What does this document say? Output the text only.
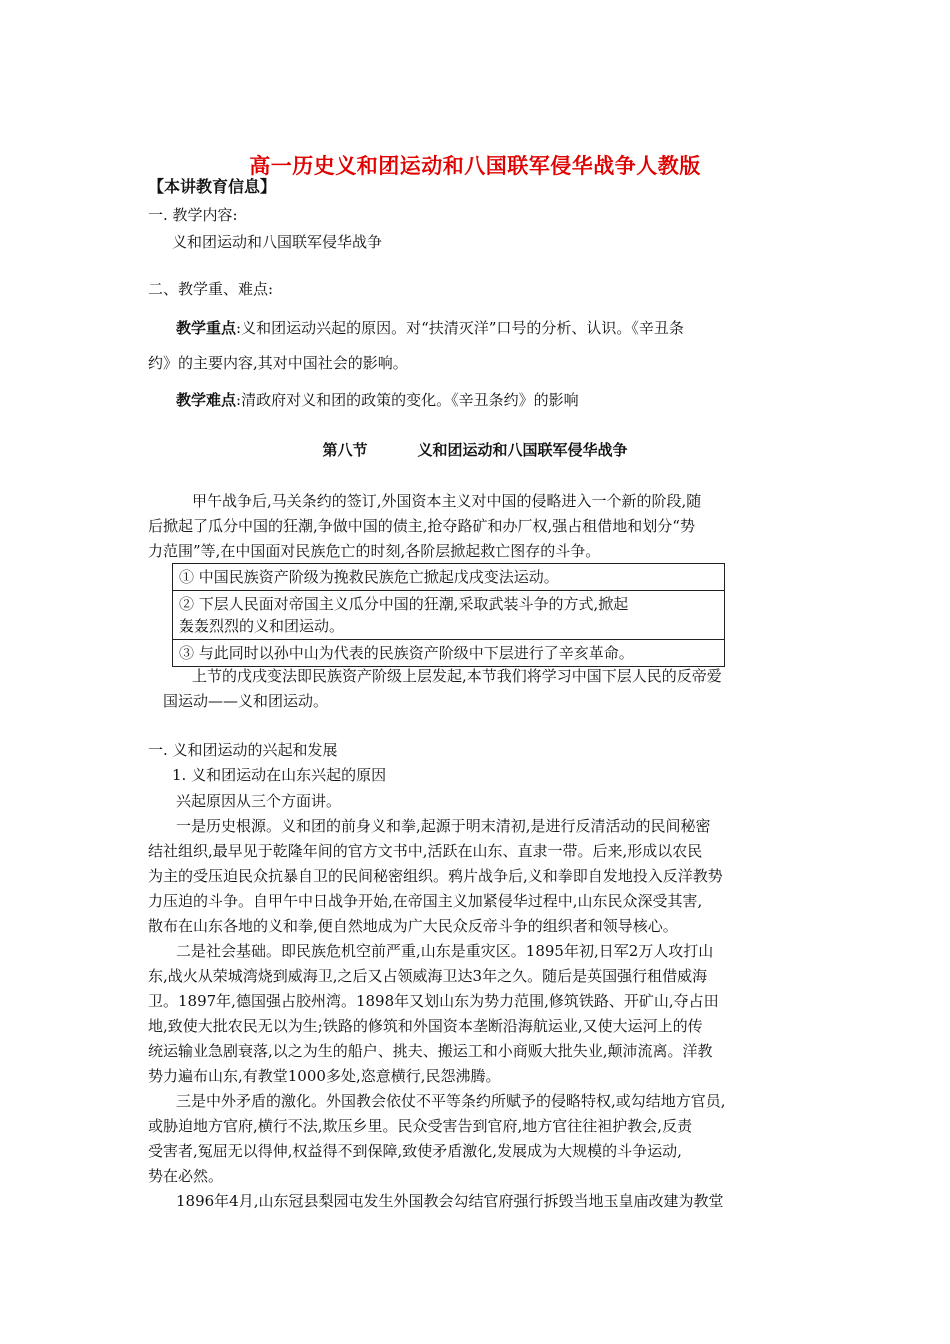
高一历史义和团运动和八国联军侵华战争人教版
【本讲教育信息】
一. 教学内容:
义和团运动和八国联军侵华战争
二、教学重、难点:
教学重点:义和团运动兴起的原因。对“扶清灭洋”口号的分析、认识。《辛丑条
约》的主要内容,其对中国社会的影响。
教学难点:清政府对义和团的政策的变化。《辛丑条约》的影响
第八节	义和团运动和八国联军侵华战争
甲午战争后,马关条约的签订,外国资本主义对中国的侵略进入一个新的阶段,随
后掀起了瓜分中国的狂潮,争做中国的债主,抢夺路矿和办厂权,强占租借地和划分“势
力范围”等,在中国面对民族危亡的时刻,各阶层掀起救亡图存的斗争。
① 中国民族资产阶级为挽救民族危亡掀起戊戌变法运动。
② 下层人民面对帝国主义瓜分中国的狂潮,采取武装斗争的方式,掀起
轰轰烈烈的义和团运动。
③ 与此同时以孙中山为代表的民族资产阶级中下层进行了辛亥革命。
上节的戊戌变法即民族资产阶级上层发起,本节我们将学习中国下层人民的反帝爱
国运动——义和团运动。
一. 义和团运动的兴起和发展
1. 义和团运动在山东兴起的原因
兴起原因从三个方面讲。
一是历史根源。义和团的前身义和拳,起源于明末清初,是进行反清活动的民间秘密
结社组织,最早见于乾隆年间的官方文书中,活跃在山东、直隶一带。后来,形成以农民
为主的受压迫民众抗暴自卫的民间秘密组织。鸦片战争后,义和拳即自发地投入反洋教势
力压迫的斗争。自甲午中日战争开始,在帝国主义加紧侵华过程中,山东民众深受其害,
散布在山东各地的义和拳,便自然地成为广大民众反帝斗争的组织者和领导核心。
二是社会基础。即民族危机空前严重,山东是重灾区。1895年初,日军2万人攻打山
东,战火从荣城湾烧到威海卫,之后又占领威海卫达3年之久。随后是英国强行租借威海
卫。1897年,德国强占胶州湾。1898年又划山东为势力范围,修筑铁路、开矿山,夺占田
地,致使大批农民无以为生;铁路的修筑和外国资本垄断沿海航运业,又使大运河上的传
统运输业急剧衰落,以之为生的船户、挑夫、搬运工和小商贩大批失业,颠沛流离。洋教
势力遍布山东,有教堂1000多处,恣意横行,民怨沸腾。
三是中外矛盾的激化。外国教会依仗不平等条约所赋予的侵略特权,或勾结地方官员,
或胁迫地方官府,横行不法,欺压乡里。民众受害告到官府,地方官往往袒护教会,反责
受害者,冤屈无以得伸,权益得不到保障,致使矛盾激化,发展成为大规模的斗争运动,
势在必然。
1896年4月,山东冠县梨园屯发生外国教会勾结官府强行拆毁当地玉皇庙改建为教堂
